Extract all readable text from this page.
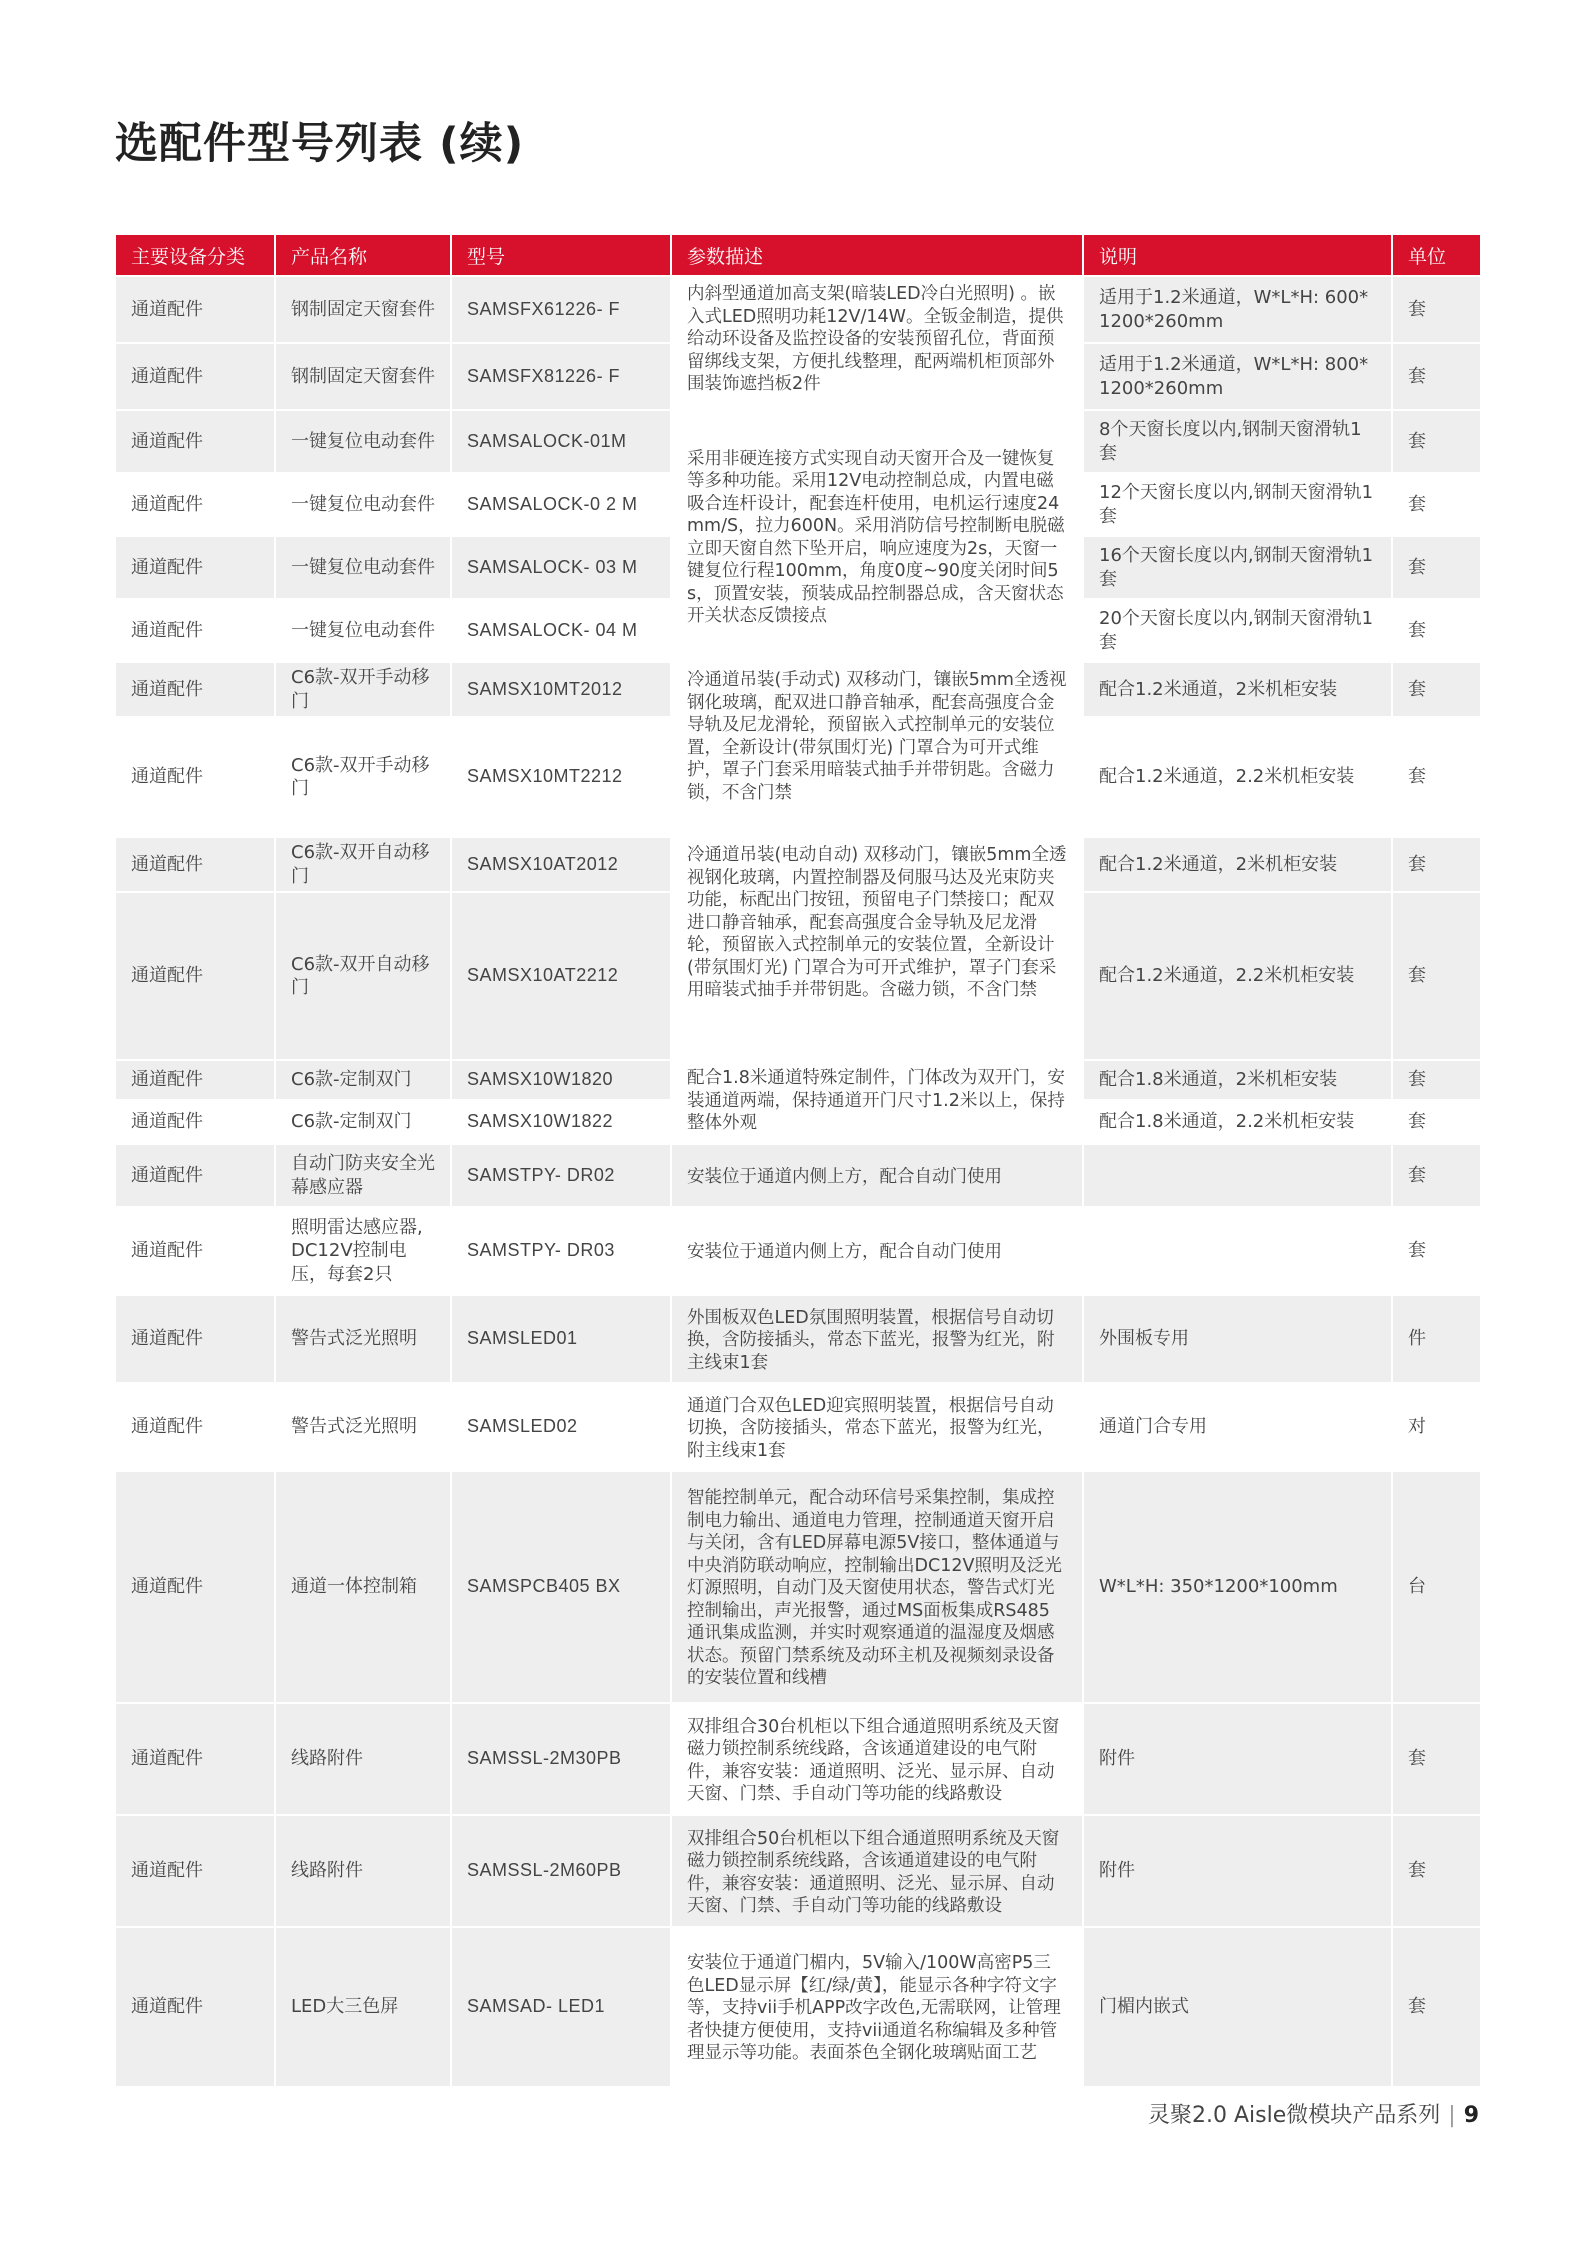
选配件型号列表 (续)
主要设备分类	产品名称	型号	参数描述	说明	单位
通道配件	钢制固定天窗套件	SAMSFX61226- F	内斜型通道加高支架(暗装LED冷白光照明) 。嵌入式LED照明功耗12V/14W。全钣金制造，提供给动环设备及监控设备的安装预留孔位，背面预留绑线支架，方便扎线整理，配两端机柜顶部外围装饰遮挡板2件	适用于1.2米通道，W*L*H: 600*1200*260mm	套
通道配件	钢制固定天窗套件	SAMSFX81226- F		适用于1.2米通道，W*L*H: 800*1200*260mm	套
通道配件	一键复位电动套件	SAMSALOCK-01M	采用非硬连接方式实现自动天窗开合及一键恢复等多种功能。采用12V电动控制总成，内置电磁吸合连杆设计，配套连杆使用，电机运行速度24mm/S，拉力600N。采用消防信号控制断电脱磁立即天窗自然下坠开启，响应速度为2s，天窗一键复位行程100mm，角度0度~90度关闭时间5s，顶置安装，预装成品控制器总成，含天窗状态开关状态反馈接点	8个天窗长度以内,钢制天窗滑轨1套	套
通道配件	一键复位电动套件	SAMSALOCK-0 2 M		12个天窗长度以内,钢制天窗滑轨1套	套
通道配件	一键复位电动套件	SAMSALOCK- 03 M		16个天窗长度以内,钢制天窗滑轨1套	套
通道配件	一键复位电动套件	SAMSALOCK- 04 M		20个天窗长度以内,钢制天窗滑轨1套	套
通道配件	C6款-双开手动移门	SAMSX10MT2012	冷通道吊装(手动式) 双移动门，镶嵌5mm全透视钢化玻璃，配双进口静音轴承，配套高强度合金导轨及尼龙滑轮，预留嵌入式控制单元的安装位置，全新设计(带氛围灯光) 门罩合为可开式维护，罩子门套采用暗装式抽手并带钥匙。含磁力锁，不含门禁	配合1.2米通道，2米机柜安装	套
通道配件	C6款-双开手动移门	SAMSX10MT2212		配合1.2米通道，2.2米机柜安装	套
通道配件	C6款-双开自动移门	SAMSX10AT2012	冷通道吊装(电动自动) 双移动门，镶嵌5mm全透视钢化玻璃，内置控制器及伺服马达及光束防夹功能，标配出门按钮，预留电子门禁接口；配双进口静音轴承，配套高强度合金导轨及尼龙滑轮，预留嵌入式控制单元的安装位置，全新设计(带氛围灯光) 门罩合为可开式维护，罩子门套采用暗装式抽手并带钥匙。含磁力锁，不含门禁	配合1.2米通道，2米机柜安装	套
通道配件	C6款-双开自动移门	SAMSX10AT2212		配合1.2米通道，2.2米机柜安装	套
通道配件	C6款-定制双门	SAMSX10W1820	配合1.8米通道特殊定制件，门体改为双开门，安装通道两端，保持通道开门尺寸1.2米以上，保持整体外观	配合1.8米通道，2米机柜安装	套
通道配件	C6款-定制双门	SAMSX10W1822		配合1.8米通道，2.2米机柜安装	套
通道配件	自动门防夹安全光幕感应器	SAMSTPY- DR02	安装位于通道内侧上方，配合自动门使用		套
通道配件	照明雷达感应器,DC12V控制电压，每套2只	SAMSTPY- DR03	安装位于通道内侧上方，配合自动门使用		套
通道配件	警告式泛光照明	SAMSLED01	外围板双色LED氛围照明装置，根据信号自动切换，含防接插头，常态下蓝光，报警为红光，附主线束1套	外围板专用	件
通道配件	警告式泛光照明	SAMSLED02	通道门合双色LED迎宾照明装置，根据信号自动切换，含防接插头，常态下蓝光，报警为红光，附主线束1套	通道门合专用	对
通道配件	通道一体控制箱	SAMSPCB405 BX	智能控制单元，配合动环信号采集控制，集成控制电力输出、通道电力管理，控制通道天窗开启与关闭，含有LED屏幕电源5V接口，整体通道与中央消防联动响应，控制输出DC12V照明及泛光灯源照明，自动门及天窗使用状态，警告式灯光控制输出，声光报警，通过MS面板集成RS485通讯集成监测，并实时观察通道的温湿度及烟感状态。预留门禁系统及动环主机及视频刻录设备的安装位置和线槽	W*L*H: 350*1200*100mm	台
通道配件	线路附件	SAMSSL-2M30PB	双排组合30台机柜以下组合通道照明系统及天窗磁力锁控制系统线路，含该通道建设的电气附件，兼容安装：通道照明、泛光、显示屏、自动天窗、门禁、手自动门等功能的线路敷设	附件	套
通道配件	线路附件	SAMSSL-2M60PB	双排组合50台机柜以下组合通道照明系统及天窗磁力锁控制系统线路，含该通道建设的电气附件，兼容安装：通道照明、泛光、显示屏、自动天窗、门禁、手自动门等功能的线路敷设	附件	套
通道配件	LED大三色屏	SAMSAD- LED1	安装位于通道门楣内，5V输入/100W高密P5三色LED显示屏【红/绿/黄】，能显示各种字符文字等，支持vii手机APP改字改色,无需联网，让管理者快捷方便使用，支持vii通道名称编辑及多种管理显示等功能。表面茶色全钢化玻璃贴面工艺	门楣内嵌式	套
灵聚2.0 Aisle微模块产品系列 | 9
